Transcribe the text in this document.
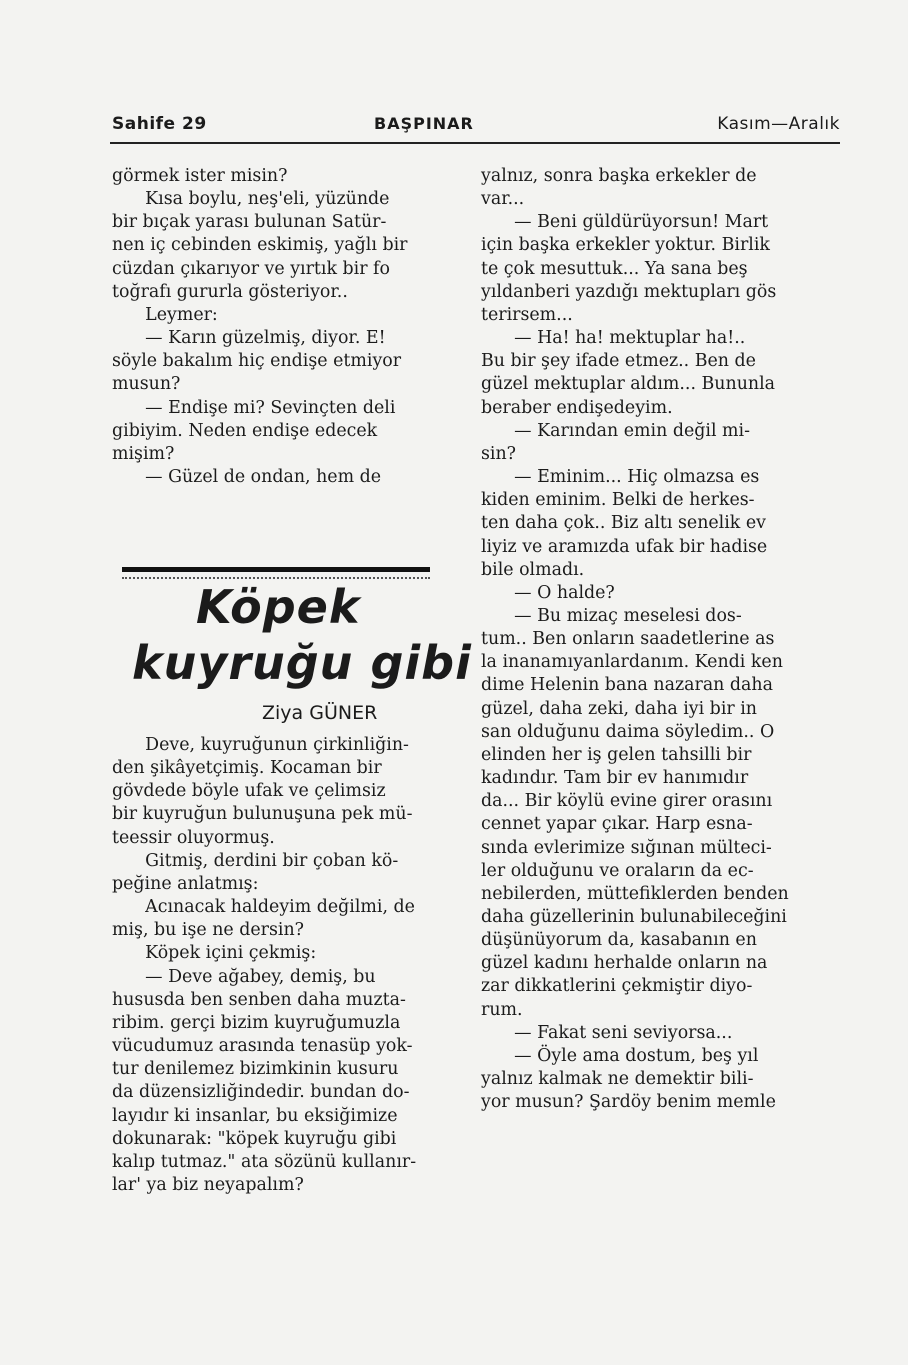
Sahife 29	BAŞPINAR	Kasım—Aralık
görmek ister misin?
Kısa boylu, neş'eli, yüzünde
bir bıçak yarası bulunan Satür-
nen iç cebinden eskimiş, yağlı bir
cüzdan çıkarıyor ve yırtık bir fo
toğrafı gururla gösteriyor..
Leymer:
— Karın güzelmiş, diyor. E!
söyle bakalım hiç endişe etmiyor
musun?
— Endişe mi? Sevinçten deli
gibiyim. Neden endişe edecek
mişim?
— Güzel de ondan, hem de
Köpek
kuyruğu gibi
Ziya GÜNER
Deve, kuyruğunun çirkinliğin-
den şikâyetçimiş. Kocaman bir
gövdede böyle ufak ve çelimsiz
bir kuyruğun bulunuşuna pek mü-
teessir oluyormuş.
Gitmiş, derdini bir çoban kö-
peğine anlatmış:
Acınacak haldeyim değilmi, de
miş, bu işe ne dersin?
Köpek içini çekmiş:
— Deve ağabey, demiş, bu
hususda ben senben daha muzta-
ribim. gerçi bizim kuyruğumuzla
vücudumuz arasında tenasüp yok-
tur denilemez bizimkinin kusuru
da düzensizliğindedir. bundan do-
layıdır ki insanlar, bu eksiğimize
dokunarak: "köpek kuyruğu gibi
kalıp tutmaz." ata sözünü kullanır-
lar' ya biz neyapalım?
yalnız, sonra başka erkekler de
var...
— Beni güldürüyorsun! Mart
için başka erkekler yoktur. Birlik
te çok mesuttuk... Ya sana beş
yıldanberi yazdığı mektupları gös
terirsem...
— Ha! ha! mektuplar ha!..
Bu bir şey ifade etmez.. Ben de
güzel mektuplar aldım... Bununla
beraber endişedeyim.
— Karından emin değil mi-
sin?
— Eminim... Hiç olmazsa es
kiden eminim. Belki de herkes-
ten daha çok.. Biz altı senelik ev
liyiz ve aramızda ufak bir hadise
bile olmadı.
— O halde?
— Bu mizaç meselesi dos-
tum.. Ben onların saadetlerine as
la inanamıyanlardanım. Kendi ken
dime Helenin bana nazaran daha
güzel, daha zeki, daha iyi bir in
san olduğunu daima söyledim.. O
elinden her iş gelen tahsilli bir
kadındır. Tam bir ev hanımıdır
da... Bir köylü evine girer orasını
cennet yapar çıkar. Harp esna-
sında evlerimize sığınan mülteci-
ler olduğunu ve oraların da ec-
nebilerden, müttefiklerden benden
daha güzellerinin bulunabileceğini
düşünüyorum da, kasabanın en
güzel kadını herhalde onların na
zar dikkatlerini çekmiştir diyo-
rum.
— Fakat seni seviyorsa...
— Öyle ama dostum, beş yıl
yalnız kalmak ne demektir bili-
yor musun? Şardöy benim memle
